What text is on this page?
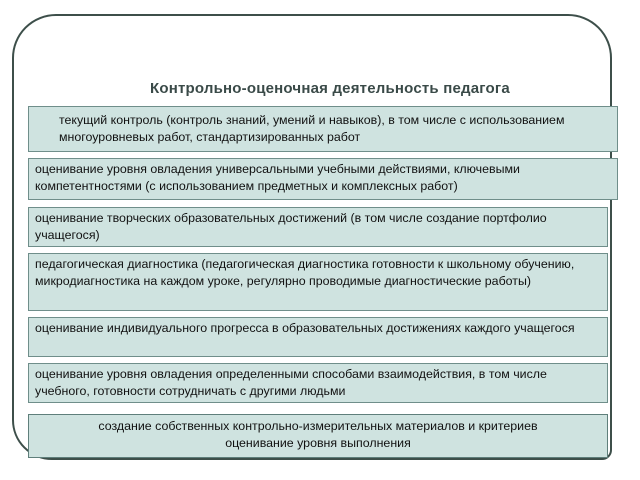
Контрольно-оценочная деятельность педагога
текущий контроль (контроль знаний, умений и навыков), в том числе с использованием многоуровневых работ, стандартизированных работ
оценивание уровня овладения универсальными учебными действиями, ключевыми компетентностями (с использованием предметных и комплексных работ)
оценивание творческих образовательных достижений (в том числе создание портфолио учащегося)
педагогическая диагностика (педагогическая диагностика готовности к школьному обучению, микродиагностика на каждом уроке, регулярно проводимые диагностические работы)
оценивание индивидуального прогресса в образовательных достижениях каждого учащегося
оценивание уровня овладения определенными способами взаимодействия, в том числе учебного, готовности сотрудничать с другими людьми
создание собственных контрольно-измерительных материалов и критериев оценивание уровня выполнения
